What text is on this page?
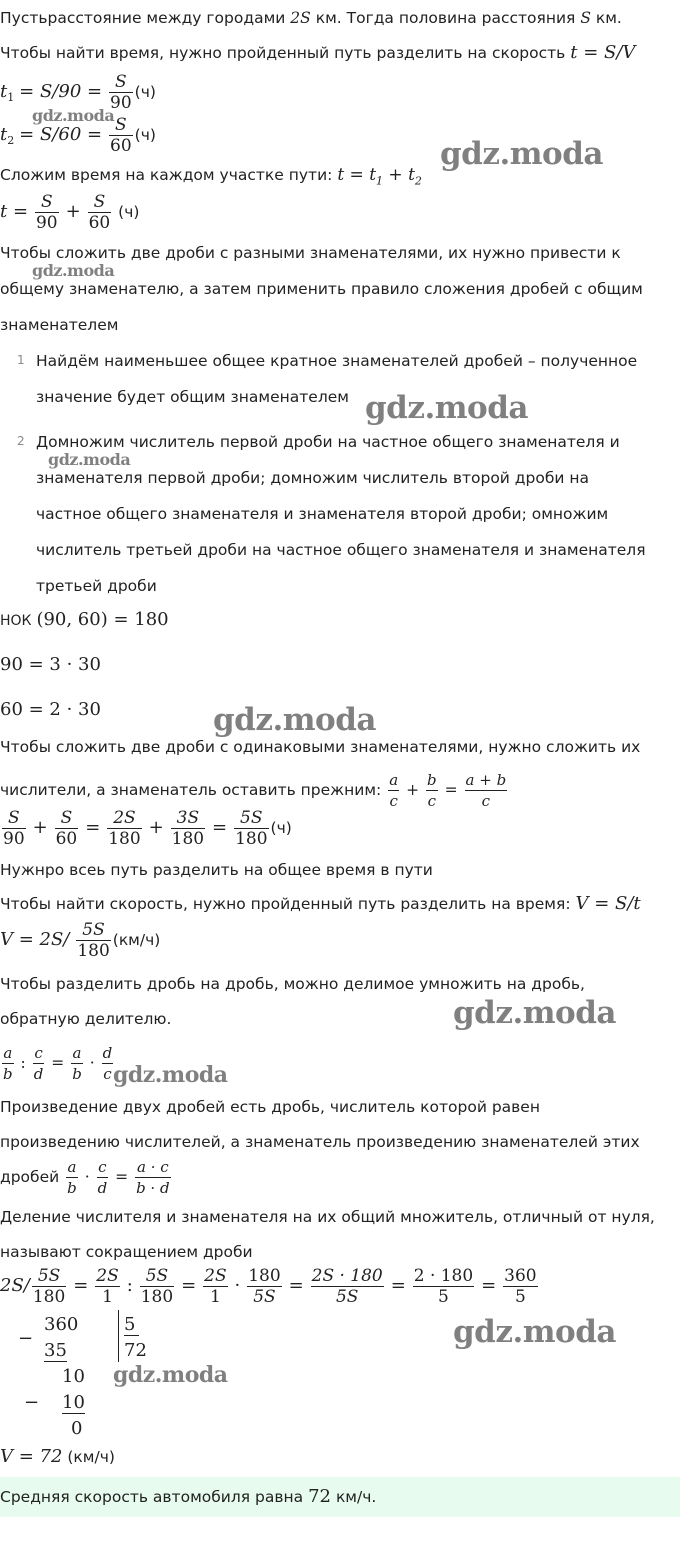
Пустьрасстояние между городами 2S км. Тогда половина расстояния S км.
Чтобы найти время, нужно пройденный путь разделить на скорость t = S/V
$t_1 = S/90 = \frac{S}{90} (ч)$
$t_2 = S/60 = \frac{S}{60} (ч)$
Сложим время на каждом участке пути: $t = t_1 + t_2$
$t = \frac{S}{90} + \frac{S}{60} (ч)$
Чтобы сложить две дроби с разными знаменателями, их нужно привести к
общему знаменателю, а затем применить правило сложения дробей с общим
знаменателем
1 Найдём наименьшее общее кратное знаменателей дробей – полученное
значение будет общим знаменателем
2 Домножим числитель первой дроби на частное общего знаменателя и
знаменателя первой дроби; домножим числитель второй дроби на
частное общего знаменателя и знаменателя второй дроби; омножим
числитель третьей дроби на частное общего знаменателя и знаменателя
третьей дроби
НОК (90, 60) = 180
90 = 3 · 30
60 = 2 · 30
Чтобы сложить две дроби с одинаковыми знаменателями, нужно сложить их
числители, а знаменатель оставить прежним: $\frac{a}{c} + \frac{b}{c} = \frac{a + b}{c}$
$\frac{S}{90} + \frac{S}{60} = \frac{2S}{180} + \frac{3S}{180} = \frac{5S}{180} (ч)$
Нужнро всеь путь разделить на общее время в пути
Чтобы найти скорость, нужно пройденный путь разделить на время: V = S/t
$V = 2S/ \frac{5S}{180} (км/ч)$
Чтобы разделить дробь на дробь, можно делимое умножить на дробь,
обратную делителю.
$\frac{a}{b}$ : $\frac{c}{d} = \frac{a}{b} \cdot \frac{d}{c}$
Произведение двух дробей есть дробь, числитель которой равен
произведению числителей, а знаменатель произведению знаменателей этих
дробей $\frac{a}{b} \cdot \frac{c}{d} = \frac{a \cdot c}{b \cdot d}$
Деление числителя и знаменателя на их общий множитель, отличный от нуля,
называют сокращением дроби
$2S/ \frac{5S}{180} = \frac{2S}{1}$ : $\frac{5S}{180} = \frac{2S}{1} \cdot \frac{180}{5S} = \frac{2S \cdot 180}{5S} = \frac{2 \cdot 180}{5} = \frac{360}{5}$
−
360
35
10
− 10
0
5
72
V = 72 (км/ч)
Средняя скорость автомобиля равна 72 км/ч.
gdz.moda
gdz.moda
gdz.moda
gdz.moda
gdz.moda
gdz.moda
gdz.moda
gdz.moda
gdz.moda
gdz.moda
